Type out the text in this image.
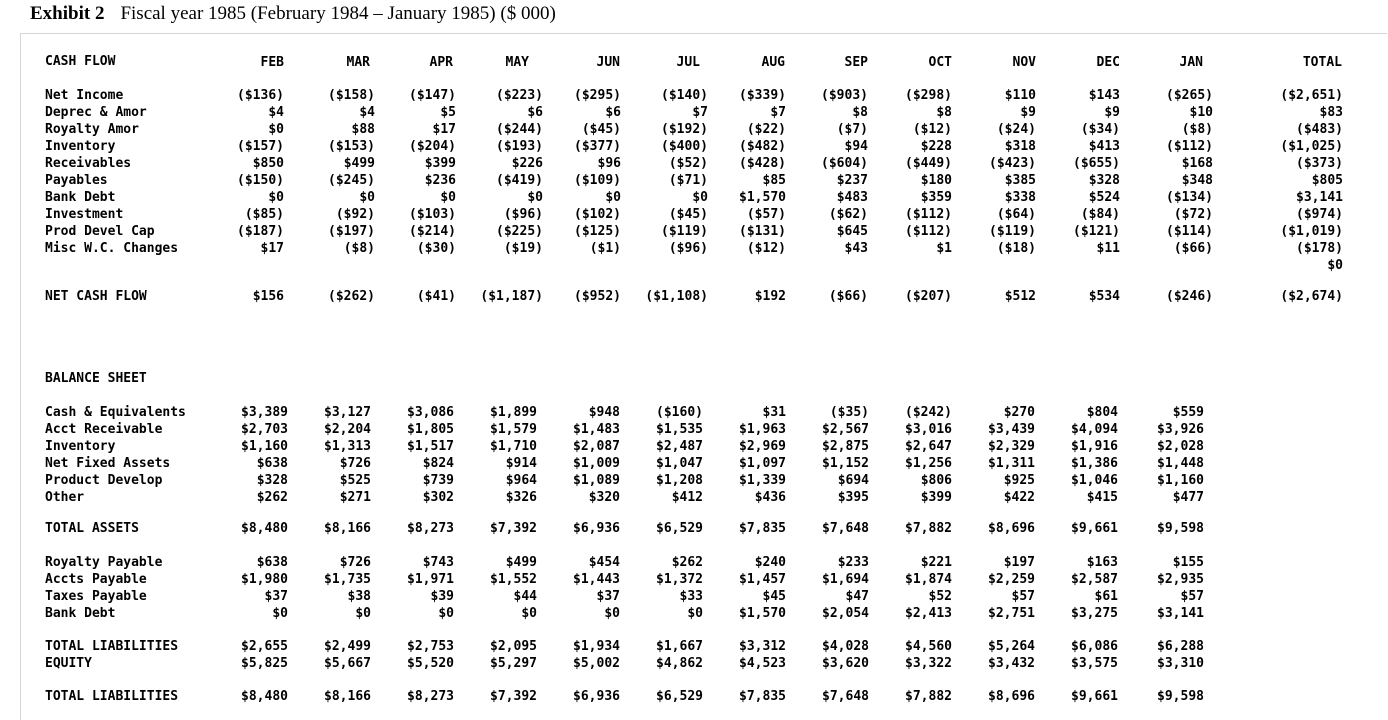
Exhibit 2 Fiscal year 1985 (February 1984 – January 1985) ($ 000)
CASH FLOW
BALANCE SHEET
FEB	MAR	APR	MAY	JUN	JUL	AUG	SEP	OCT	NOV	DEC	JAN	TOTAL
Net Income	($136)	($158)	($147)	($223)	($295)	($140)	($339)	($903)	($298)	$110	$143	($265)	($2,651)
Deprec & Amor	$4	$4	$5	$6	$6	$7	$7	$8	$8	$9	$9	$10	$83
Royalty Amor	$0	$88	$17	($244)	($45)	($192)	($22)	($7)	($12)	($24)	($34)	($8)	($483)
Inventory	($157)	($153)	($204)	($193)	($377)	($400)	($482)	$94	$228	$318	$413	($112)	($1,025)
Receivables	$850	$499	$399	$226	$96	($52)	($428)	($604)	($449)	($423)	($655)	$168	($373)
Payables	($150)	($245)	$236	($419)	($109)	($71)	$85	$237	$180	$385	$328	$348	$805
Bank Debt	$0	$0	$0	$0	$0	$0	$1,570	$483	$359	$338	$524	($134)	$3,141
Investment	($85)	($92)	($103)	($96)	($102)	($45)	($57)	($62)	($112)	($64)	($84)	($72)	($974)
Prod Devel Cap	($187)	($197)	($214)	($225)	($125)	($119)	($131)	$645	($112)	($119)	($121)	($114)	($1,019)
Misc W.C. Changes	$17	($8)	($30)	($19)	($1)	($96)	($12)	$43	$1	($18)	$11	($66)	($178)
$0
NET CASH FLOW	$156	($262)	($41)	($1,187)	($952)	($1,108)	$192	($66)	($207)	$512	$534	($246)	($2,674)
Cash & Equivalents	$3,389	$3,127	$3,086	$1,899	$948	($160)	$31	($35)	($242)	$270	$804	$559
Acct Receivable	$2,703	$2,204	$1,805	$1,579	$1,483	$1,535	$1,963	$2,567	$3,016	$3,439	$4,094	$3,926
Inventory	$1,160	$1,313	$1,517	$1,710	$2,087	$2,487	$2,969	$2,875	$2,647	$2,329	$1,916	$2,028
Net Fixed Assets	$638	$726	$824	$914	$1,009	$1,047	$1,097	$1,152	$1,256	$1,311	$1,386	$1,448
Product Develop	$328	$525	$739	$964	$1,089	$1,208	$1,339	$694	$806	$925	$1,046	$1,160
Other	$262	$271	$302	$326	$320	$412	$436	$395	$399	$422	$415	$477
TOTAL ASSETS	$8,480	$8,166	$8,273	$7,392	$6,936	$6,529	$7,835	$7,648	$7,882	$8,696	$9,661	$9,598
Royalty Payable	$638	$726	$743	$499	$454	$262	$240	$233	$221	$197	$163	$155
Accts Payable	$1,980	$1,735	$1,971	$1,552	$1,443	$1,372	$1,457	$1,694	$1,874	$2,259	$2,587	$2,935
Taxes Payable	$37	$38	$39	$44	$37	$33	$45	$47	$52	$57	$61	$57
Bank Debt	$0	$0	$0	$0	$0	$0	$1,570	$2,054	$2,413	$2,751	$3,275	$3,141
TOTAL LIABILITIES	$2,655	$2,499	$2,753	$2,095	$1,934	$1,667	$3,312	$4,028	$4,560	$5,264	$6,086	$6,288
EQUITY	$5,825	$5,667	$5,520	$5,297	$5,002	$4,862	$4,523	$3,620	$3,322	$3,432	$3,575	$3,310
TOTAL LIABILITIES	$8,480	$8,166	$8,273	$7,392	$6,936	$6,529	$7,835	$7,648	$7,882	$8,696	$9,661	$9,598
